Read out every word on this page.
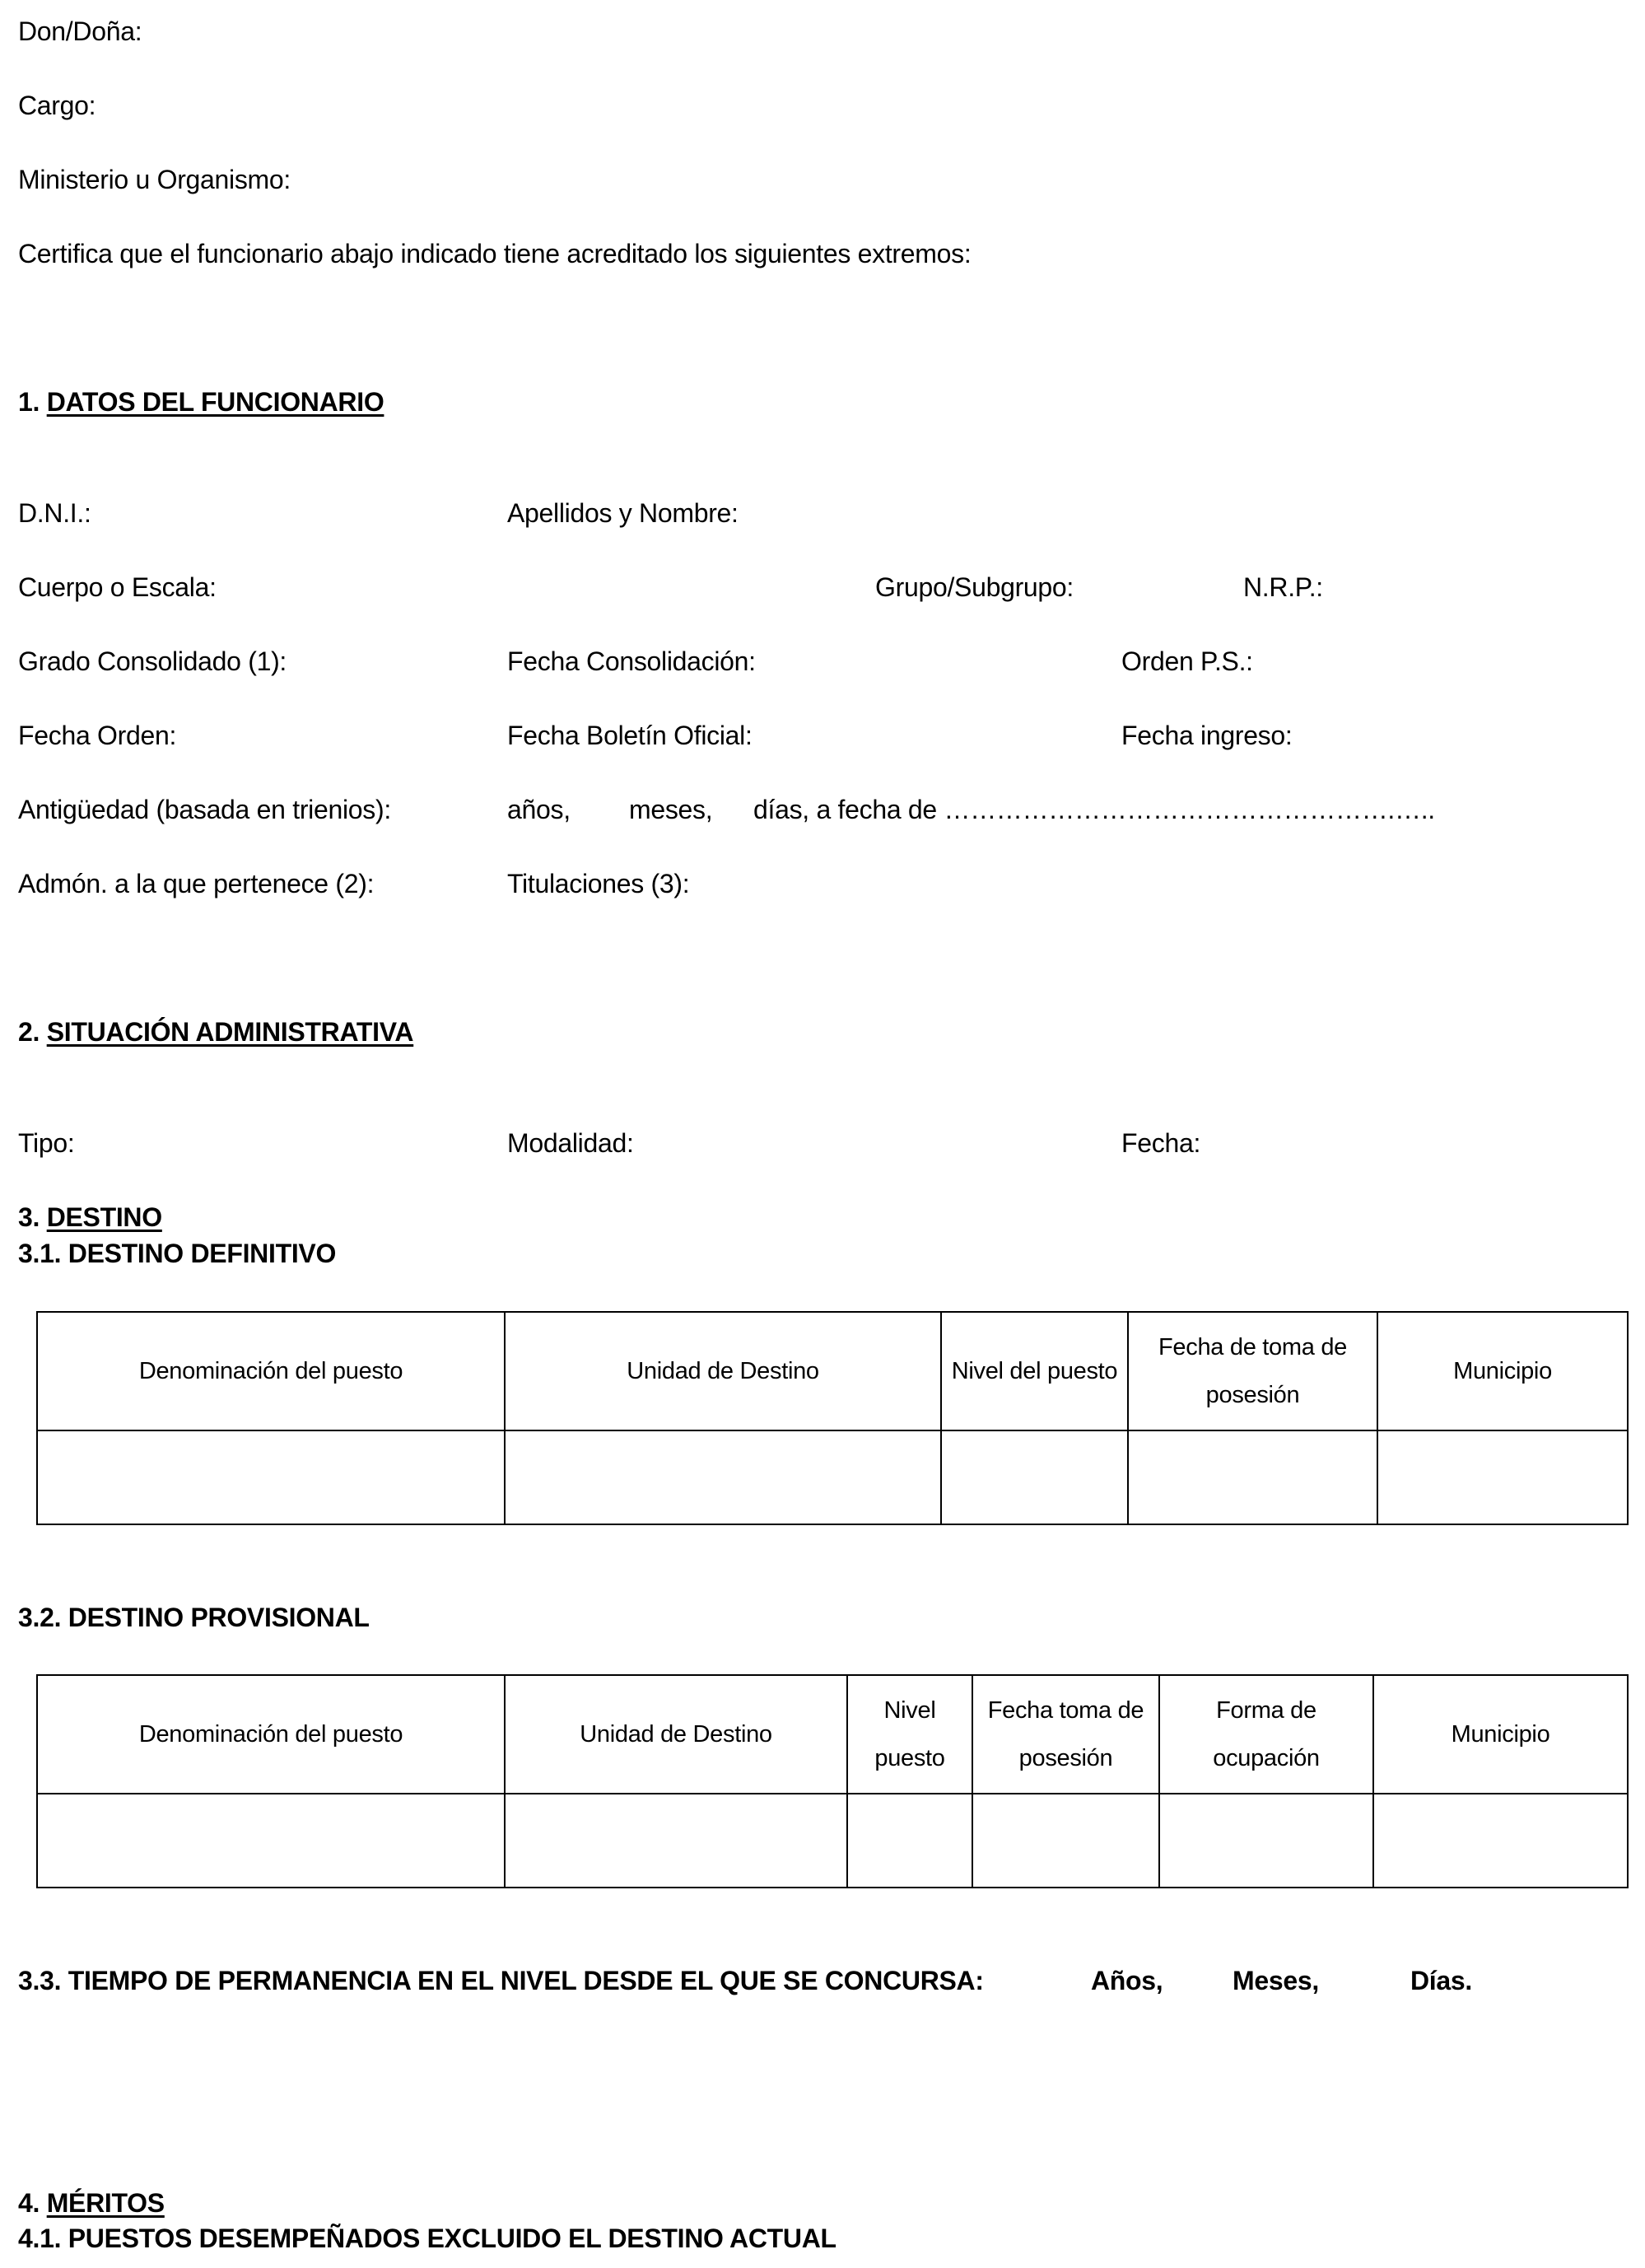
Don/Doña:
Cargo:
Ministerio u Organismo:
Certifica que el funcionario abajo indicado tiene acreditado los siguientes extremos:
1. DATOS DEL FUNCIONARIO
D.N.I.:	Apellidos y Nombre:
Cuerpo o Escala:	Grupo/Subgrupo:	N.R.P.:
Grado Consolidado (1):	Fecha Consolidación:	Orden P.S.:
Fecha Orden:	Fecha Boletín Oficial:	Fecha ingreso:
Antigüedad (basada en trienios):	años, meses, días, a fecha de …………………………………………….…..
Admón. a la que pertenece (2):	Titulaciones (3):
2. SITUACIÓN ADMINISTRATIVA
Tipo:	Modalidad:	Fecha:
3. DESTINO
3.1. DESTINO DEFINITIVO
Denominación del puesto	Unidad de Destino	Nivel del puesto	Fecha de toma de posesión	Municipio

3.2. DESTINO PROVISIONAL
Denominación del puesto	Unidad de Destino	Nivel puesto	Fecha toma de posesión	Forma de ocupación	Municipio

3.3. TIEMPO DE PERMANENCIA EN EL NIVEL DESDE EL QUE SE CONCURSA:	Años,	Meses,	Días.
4. MÉRITOS
4.1. PUESTOS DESEMPEÑADOS EXCLUIDO EL DESTINO ACTUAL
